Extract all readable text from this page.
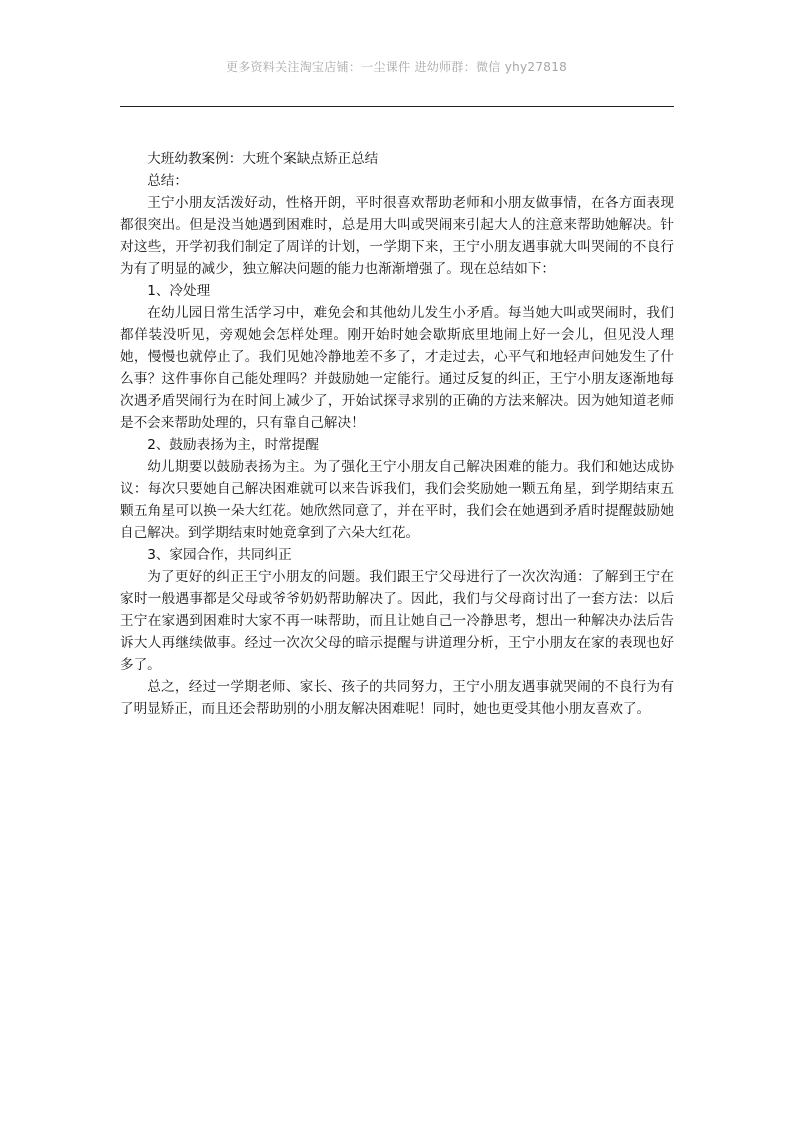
更多资料关注淘宝店铺：一尘课件 进幼师群：微信 yhy27818

大班幼教案例：大班个案缺点矫正总结

总结：

王宁小朋友活泼好动，性格开朗，平时很喜欢帮助老师和小朋友做事情，在各方面表现都很突出。但是没当她遇到困难时，总是用大叫或哭闹来引起大人的注意来帮助她解决。针对这些，开学初我们制定了周详的计划，一学期下来，王宁小朋友遇事就大叫哭闹的不良行为有了明显的减少，独立解决问题的能力也渐渐增强了。现在总结如下：

1、冷处理

在幼儿园日常生活学习中，难免会和其他幼儿发生小矛盾。每当她大叫或哭闹时，我们都佯装没听见，旁观她会怎样处理。刚开始时她会歇斯底里地闹上好一会儿，但见没人理她，慢慢也就停止了。我们见她冷静地差不多了，才走过去，心平气和地轻声问她发生了什么事？这件事你自己能处理吗？并鼓励她一定能行。通过反复的纠正，王宁小朋友逐渐地每次遇矛盾哭闹行为在时间上减少了，开始试探寻求别的正确的方法来解决。因为她知道老师是不会来帮助处理的，只有靠自己解决！

2、鼓励表扬为主，时常提醒

幼儿期要以鼓励表扬为主。为了强化王宁小朋友自己解决困难的能力。我们和她达成协议：每次只要她自己解决困难就可以来告诉我们，我们会奖励她一颗五角星，到学期结束五颗五角星可以换一朵大红花。她欣然同意了，并在平时，我们会在她遇到矛盾时提醒鼓励她自己解决。到学期结束时她竟拿到了六朵大红花。

3、家园合作，共同纠正

为了更好的纠正王宁小朋友的问题。我们跟王宁父母进行了一次次沟通：了解到王宁在家时一般遇事都是父母或爷爷奶奶帮助解决了。因此，我们与父母商讨出了一套方法：以后王宁在家遇到困难时大家不再一味帮助，而且让她自己一冷静思考，想出一种解决办法后告诉大人再继续做事。经过一次次父母的暗示提醒与讲道理分析，王宁小朋友在家的表现也好多了。

总之，经过一学期老师、家长、孩子的共同努力，王宁小朋友遇事就哭闹的不良行为有了明显矫正，而且还会帮助别的小朋友解决困难呢！同时，她也更受其他小朋友喜欢了。
